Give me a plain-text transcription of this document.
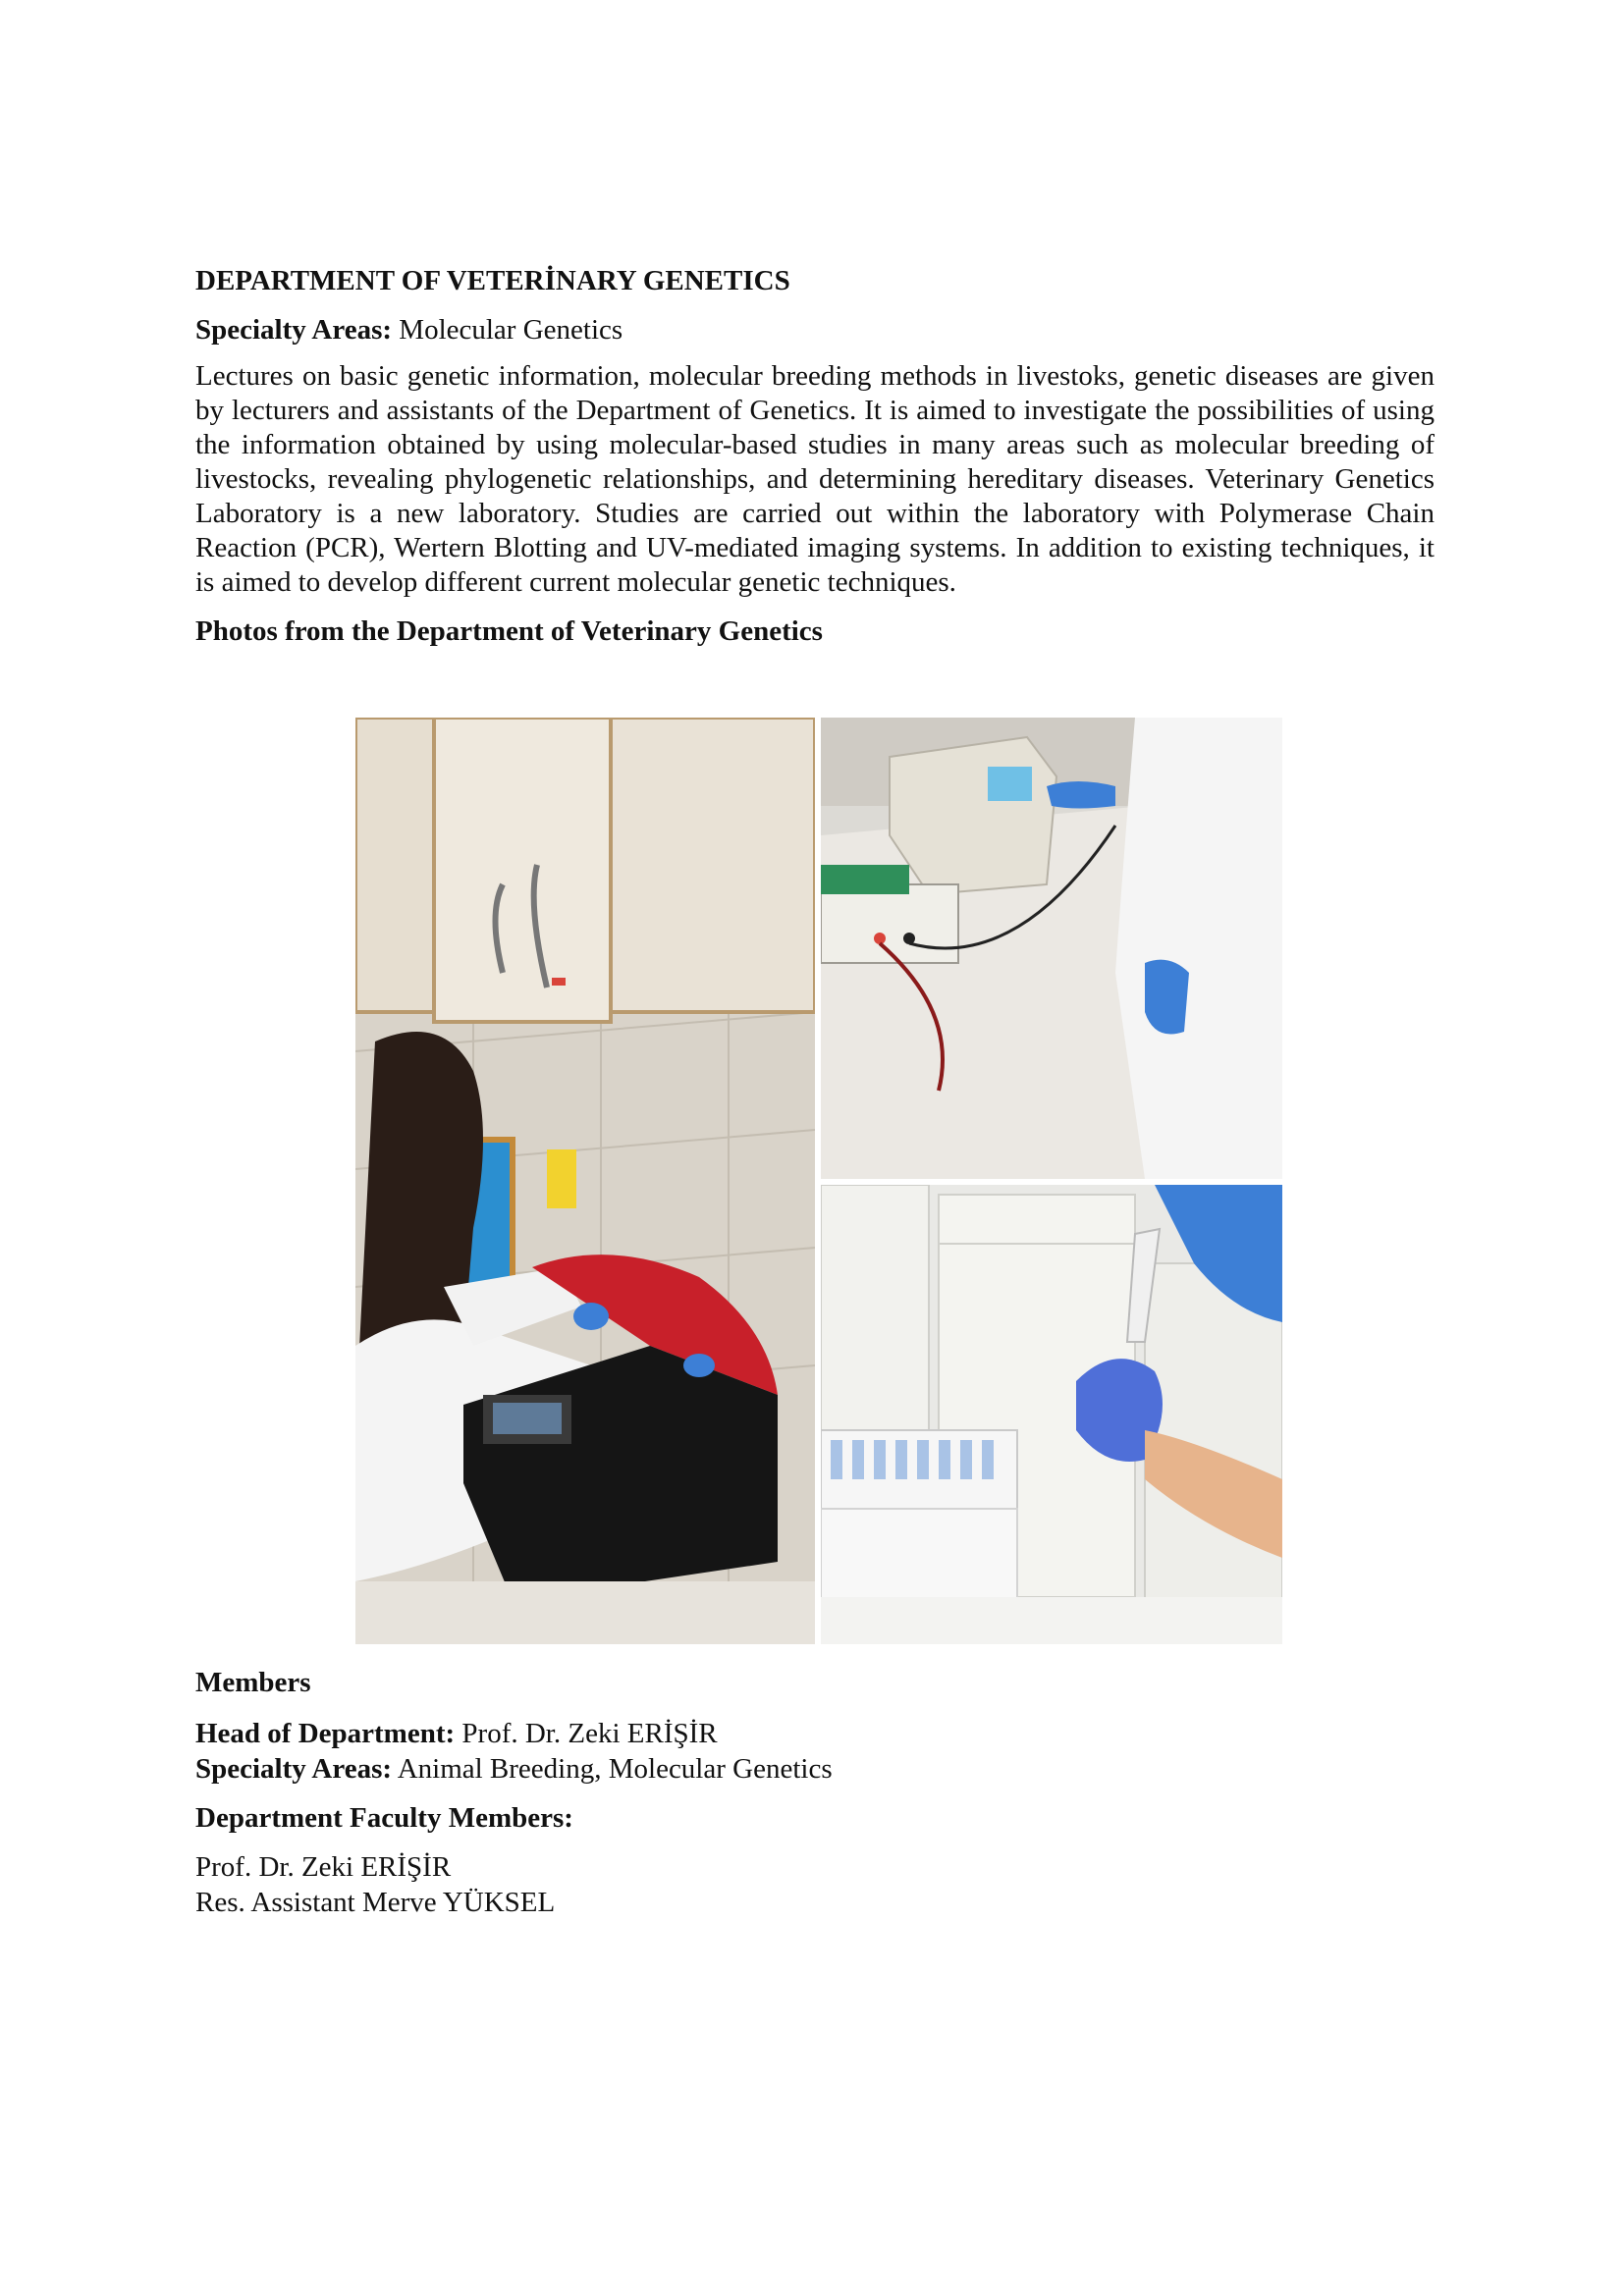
DEPARTMENT OF VETERİNARY GENETICS

Specialty Areas: Molecular Genetics

Lectures on basic genetic information, molecular breeding methods in livestoks, genetic diseases are given by lecturers and assistants of the Department of Genetics. It is aimed to investigate the possibilities of using the information obtained by using molecular-based studies in many areas such as molecular breeding of livestocks, revealing phylogenetic relationships, and determining hereditary diseases. Veterinary Genetics Laboratory is a new laboratory. Studies are carried out within the laboratory with Polymerase Chain Reaction (PCR), Wertern Blotting and UV-mediated imaging systems. In addition to existing techniques, it is aimed to develop different current molecular genetic techniques.

Photos from the Department of Veterinary Genetics
Members

Head of Department: Prof. Dr. Zeki ERİŞİR

Specialty Areas: Animal Breeding, Molecular Genetics

Department Faculty Members:

Prof. Dr. Zeki ERİŞİR

Res. Assistant Merve YÜKSEL
